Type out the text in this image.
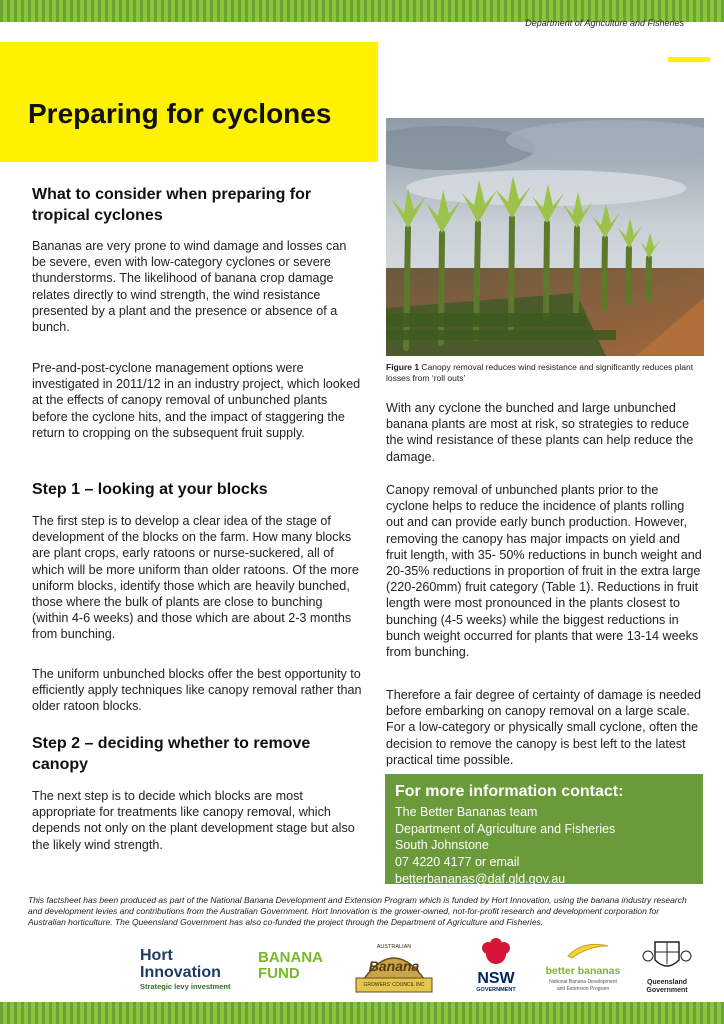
Department of Agriculture and Fisheries
Preparing for cyclones
Figure 1 Canopy removal reduces wind resistance and significantly reduces plant losses from ‘roll outs’
What to consider when preparing for tropical cyclones

Bananas are very prone to wind damage and losses can be severe, even with low-category cyclones or severe thunderstorms. The likelihood of banana crop damage relates directly to wind strength, the wind resistance presented by a plant and the presence or absence of a bunch.

Pre-and-post-cyclone management options were investigated in 2011/12 in an industry project, which looked at the effects of canopy removal of unbunched plants before the cyclone hits, and the impact of staggering the return to cropping on the subsequent fruit supply.

Step 1 – looking at your blocks

The first step is to develop a clear idea of the stage of development of the blocks on the farm. How many blocks are plant crops, early ratoons or nurse-suckered, all of which will be more uniform than older ratoons. Of the more uniform blocks, identify those which are heavily bunched, those where the bulk of plants are close to bunching (within 4-6 weeks) and those which are about 2-3 months from bunching.

The uniform unbunched blocks offer the best opportunity to efficiently apply techniques like canopy removal rather than older ratoon blocks.

Step 2 – deciding whether to remove canopy

The next step is to decide which blocks are most appropriate for treatments like canopy removal, which depends not only on the plant development stage but also the likely wind strength.

With any cyclone the bunched and large unbunched banana plants are most at risk, so strategies to reduce the wind resistance of these plants can help reduce the damage.

Canopy removal of unbunched plants prior to the cyclone helps to reduce the incidence of plants rolling out and can provide early bunch production. However, removing the canopy has major impacts on yield and fruit length, with 35- 50% reductions in bunch weight and 20-35% reductions in proportion of fruit in the extra large (220-260mm) fruit category (Table 1). Reductions in fruit length were most pronounced in the plants closest to bunching (4-5 weeks) while the biggest reductions in bunch weight occurred for plants that were 13-14 weeks from bunching.

Therefore a fair degree of certainty of damage is needed before embarking on canopy removal on a large scale. For a low-category or physically small cyclone, often the decision to remove the canopy is best left to the latest practical time possible.

For more information contact:

The Better Bananas team

Department of Agriculture and Fisheries

South Johnstone

07 4220 4177 or email

betterbananas@daf.qld.gov.au

This factsheet has been produced as part of the National Banana Development and Extension Program which is funded by Hort Innovation, using the banana industry research and development levies and contributions from the Australian Government. Hort Innovation is the grower-owned, not-for-profit research and development corporation for Australian horticulture. The Queensland Government has also co-funded the project through the Department of Agriculture and Fisheries.

Hort
Innovation
Strategic levy investment
BANANA
FUND
AUSTRALIAN
Banana
GROWERS' COUNCIL INC	NSW
GOVERNMENT
better bananas
National Banana Development
and Extension Program
Queensland
Government
